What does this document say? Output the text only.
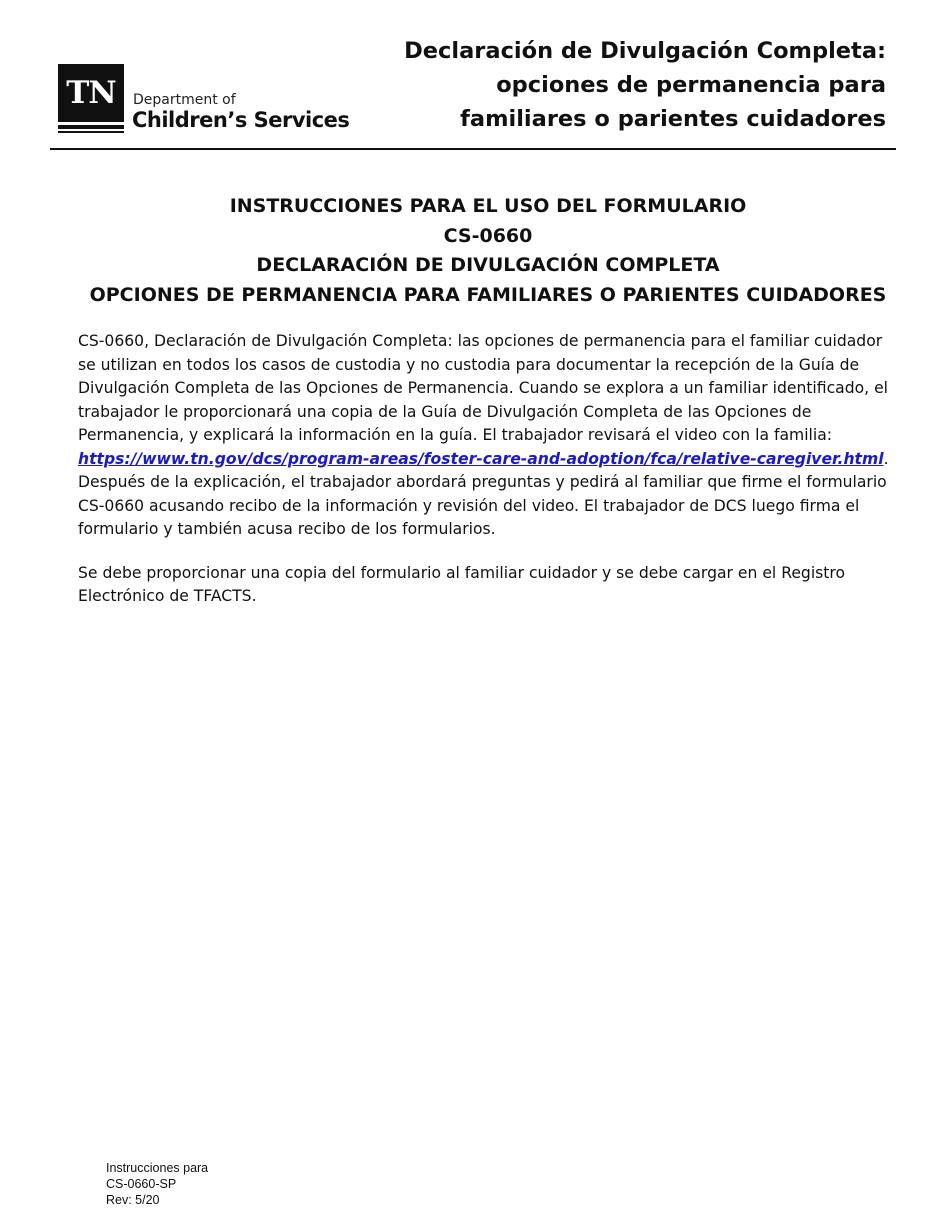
TN	Department of
Children’s Services
Declaración de Divulgación Completa:
opciones de permanencia para
familiares o parientes cuidadores
INSTRUCCIONES PARA EL USO DEL FORMULARIO
CS-0660
DECLARACIÓN DE DIVULGACIÓN COMPLETA
OPCIONES DE PERMANENCIA PARA FAMILIARES O PARIENTES CUIDADORES

CS-0660, Declaración de Divulgación Completa: las opciones de permanencia para el familiar cuidador se utilizan en todos los casos de custodia y no custodia para documentar la recepción de la Guía de Divulgación Completa de las Opciones de Permanencia. Cuando se explora a un familiar identificado, el trabajador le proporcionará una copia de la Guía de Divulgación Completa de las Opciones de Permanencia, y explicará la información en la guía. El trabajador revisará el video con la familia:
https://www.tn.gov/dcs/program-areas/foster-care-and-adoption/fca/relative-caregiver.html.

Después de la explicación, el trabajador abordará preguntas y pedirá al familiar que firme el formulario CS-0660 acusando recibo de la información y revisión del video. El trabajador de DCS luego firma el formulario y también acusa recibo de los formularios.

Se debe proporcionar una copia del formulario al familiar cuidador y se debe cargar en el Registro Electrónico de TFACTS.

Instrucciones para
CS-0660-SP
Rev: 5/20
